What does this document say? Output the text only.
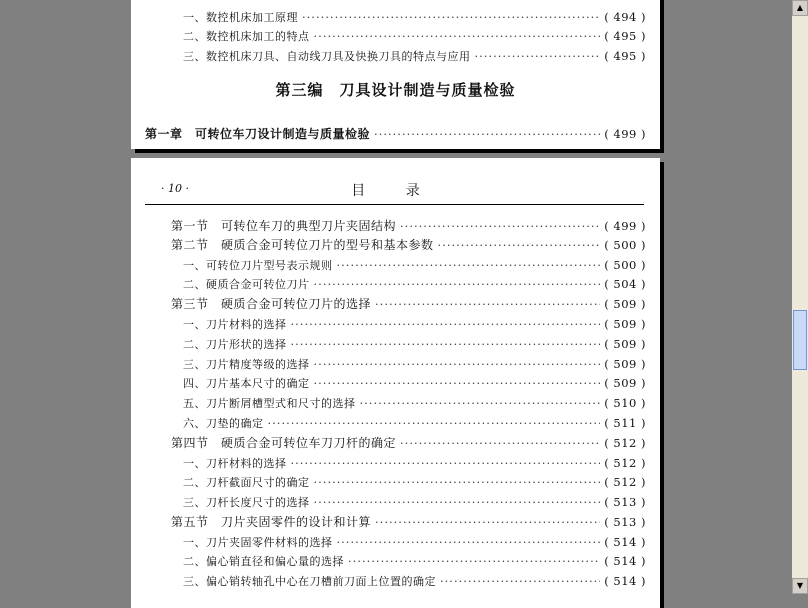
一、数控机床加工原理 ·····	( 494 )
二、数控机床加工的特点 ·····	( 495 )
三、数控机床刀具、自动线刀具及快换刀具的特点与应用 ·····	( 495 )
第三编　刀具设计制造与质量检验
第一章　可转位车刀设计制造与质量检验 ·····	( 499 )
· 10 ·	目 录
第一节　可转位车刀的典型刀片夹固结构 ·····	( 499 )
第二节　硬质合金可转位刀片的型号和基本参数 ·····	( 500 )
一、可转位刀片型号表示规则 ·····	( 500 )
二、硬质合金可转位刀片 ·····	( 504 )
第三节　硬质合金可转位刀片的选择 ·····	( 509 )
一、刀片材料的选择 ·····	( 509 )
二、刀片形状的选择 ·····	( 509 )
三、刀片精度等级的选择 ·····	( 509 )
四、刀片基本尺寸的确定 ·····	( 509 )
五、刀片断屑槽型式和尺寸的选择 ·····	( 510 )
六、刀垫的确定 ·····	( 511 )
第四节　硬质合金可转位车刀刀杆的确定 ·····	( 512 )
一、刀杆材料的选择 ·····	( 512 )
二、刀杆截面尺寸的确定 ·····	( 512 )
三、刀杆长度尺寸的选择 ·····	( 513 )
第五节　刀片夹固零件的设计和计算 ·····	( 513 )
一、刀片夹固零件材料的选择 ·····	( 514 )
二、偏心销直径和偏心量的选择 ·····	( 514 )
三、偏心销转轴孔中心在刀槽前刀面上位置的确定 ·····	( 514 )
▲
▼
